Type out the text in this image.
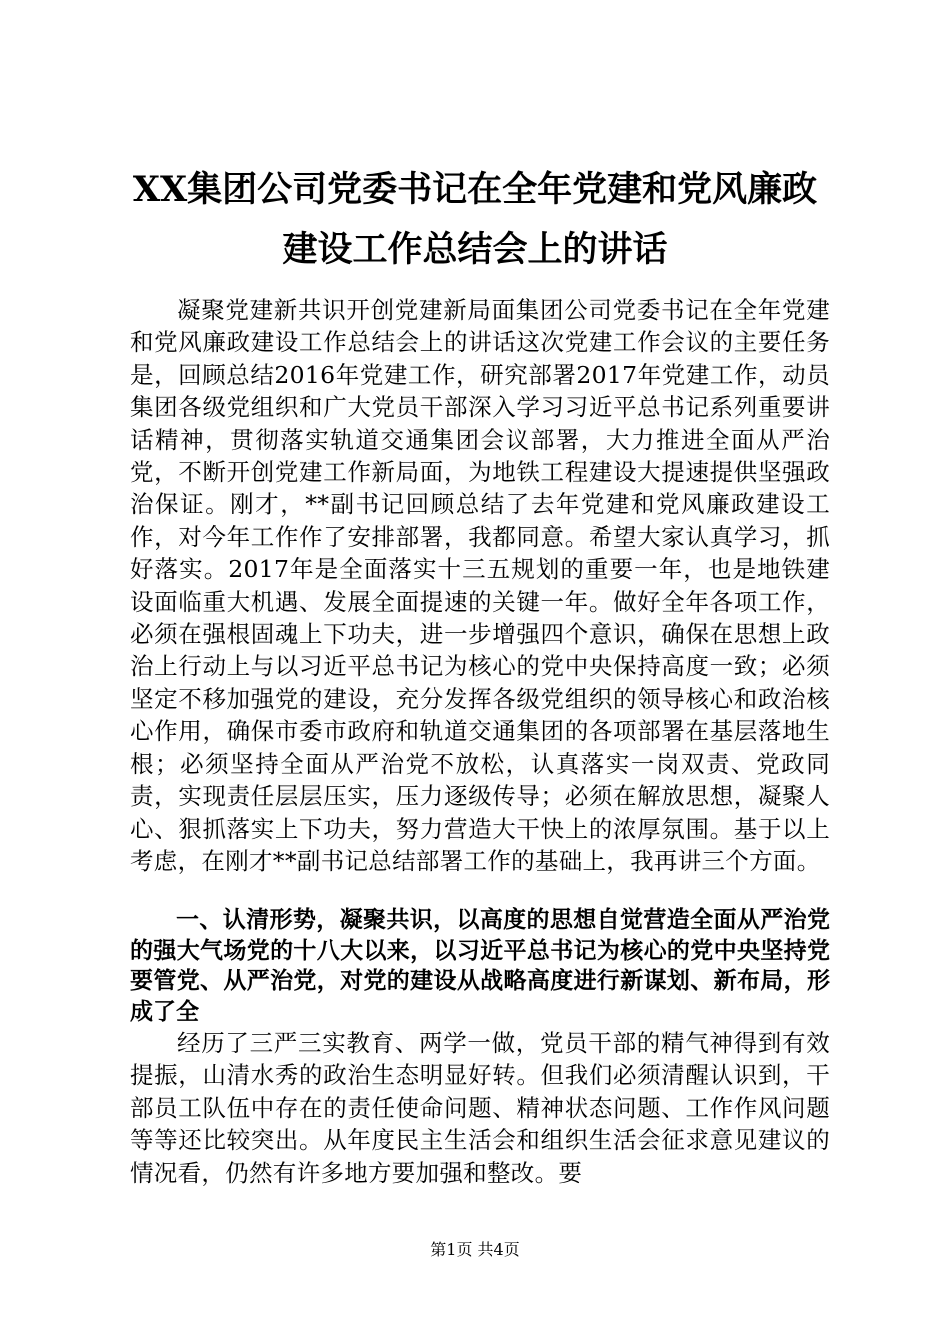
XX集团公司党委书记在全年党建和党风廉政
建设工作总结会上的讲话

凝聚党建新共识开创党建新局面集团公司党委书记在全年党建和党风廉政建设工作总结会上的讲话这次党建工作会议的主要任务是，回顾总结2016年党建工作，研究部署2017年党建工作，动员集团各级党组织和广大党员干部深入学习习近平总书记系列重要讲话精神，贯彻落实轨道交通集团会议部署，大力推进全面从严治党，不断开创党建工作新局面，为地铁工程建设大提速提供坚强政治保证。刚才，**副书记回顾总结了去年党建和党风廉政建设工作，对今年工作作了安排部署，我都同意。希望大家认真学习，抓好落实。2017年是全面落实十三五规划的重要一年，也是地铁建设面临重大机遇、发展全面提速的关键一年。做好全年各项工作，必须在强根固魂上下功夫，进一步增强四个意识，确保在思想上政治上行动上与以习近平总书记为核心的党中央保持高度一致；必须坚定不移加强党的建设，充分发挥各级党组织的领导核心和政治核心作用，确保市委市政府和轨道交通集团的各项部署在基层落地生根；必须坚持全面从严治党不放松，认真落实一岗双责、党政同责，实现责任层层压实，压力逐级传导；必须在解放思想，凝聚人心、狠抓落实上下功夫，努力营造大干快上的浓厚氛围。基于以上考虑，在刚才**副书记总结部署工作的基础上，我再讲三个方面。

一、认清形势，凝聚共识，以高度的思想自觉营造全面从严治党的强大气场党的十八大以来，以习近平总书记为核心的党中央坚持党要管党、从严治党，对党的建设从战略高度进行新谋划、新布局，形成了全

经历了三严三实教育、两学一做，党员干部的精气神得到有效提振，山清水秀的政治生态明显好转。但我们必须清醒认识到，干部员工队伍中存在的责任使命问题、精神状态问题、工作作风问题等等还比较突出。从年度民主生活会和组织生活会征求意见建议的情况看，仍然有许多地方要加强和整改。要

第1页 共4页
